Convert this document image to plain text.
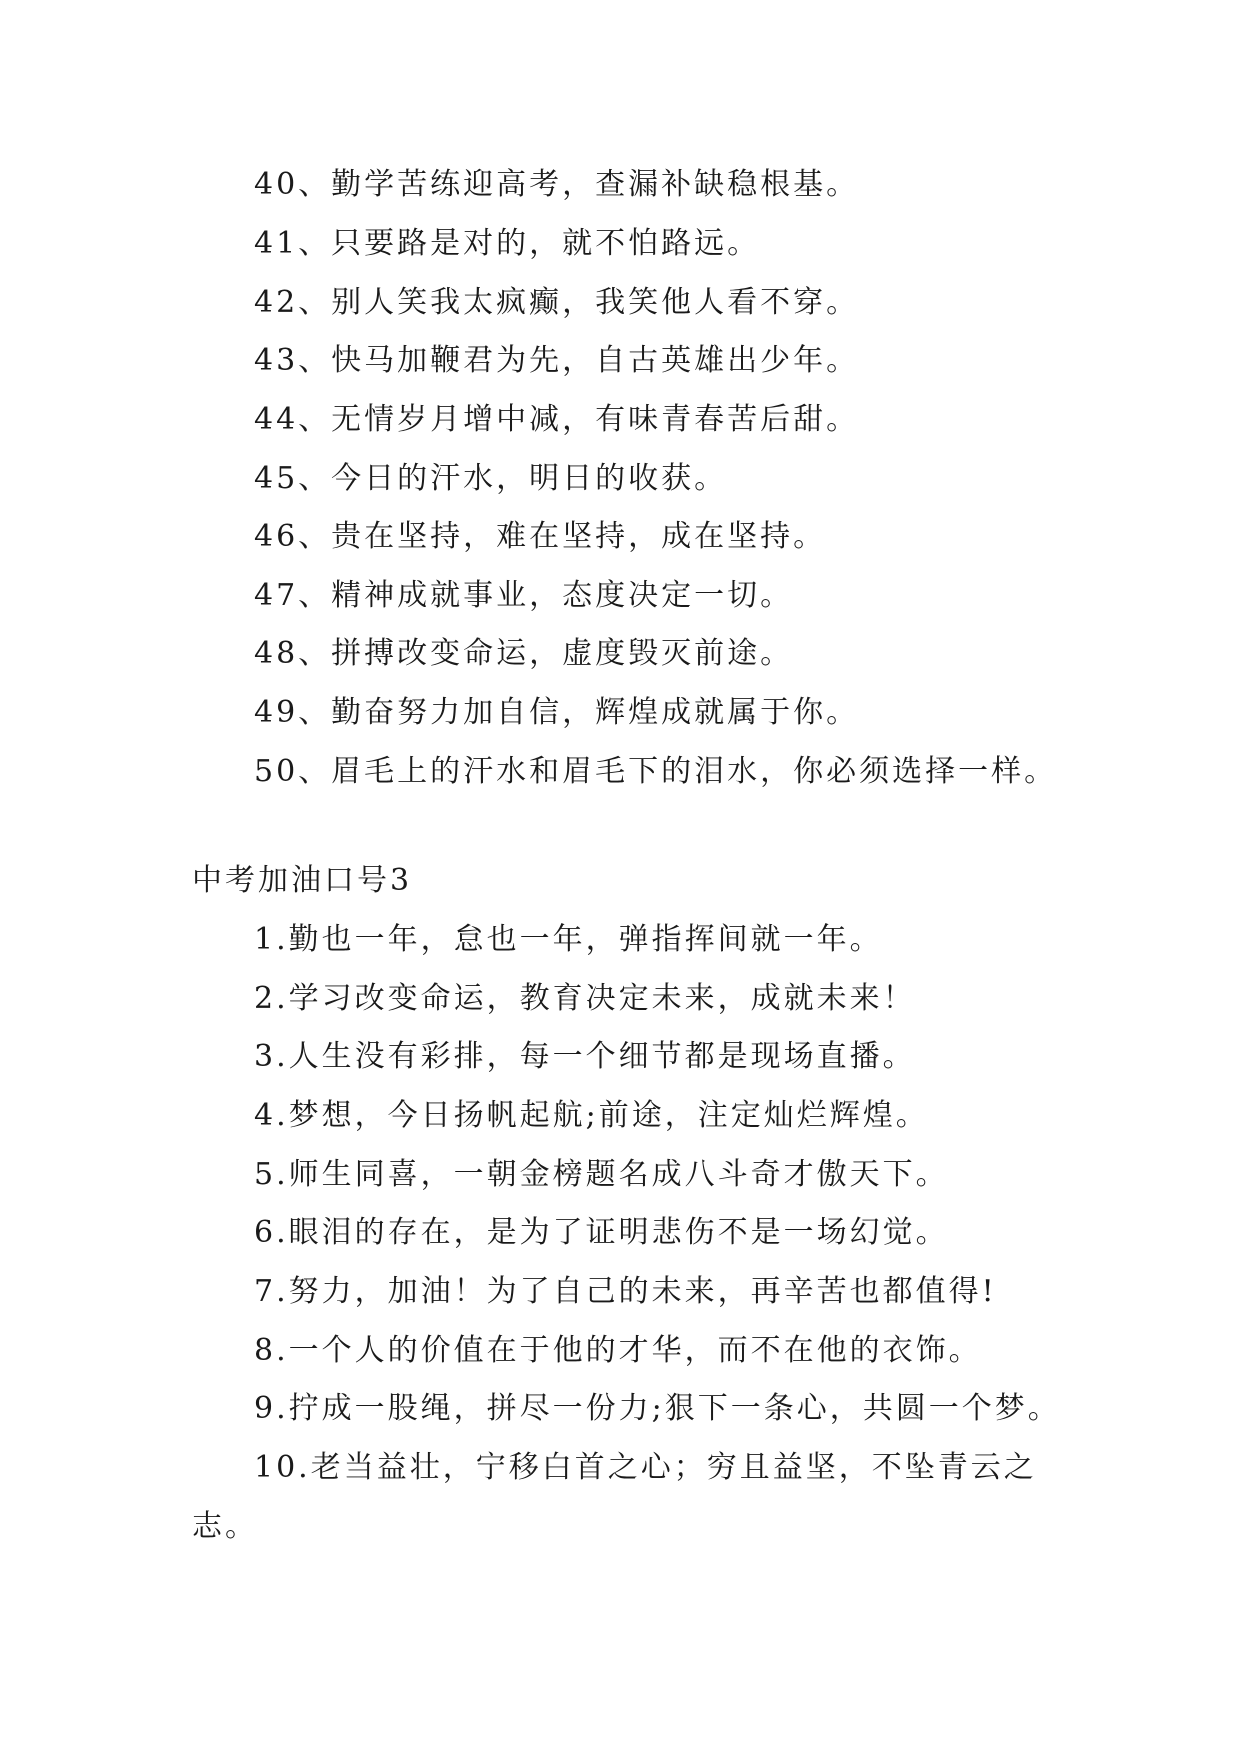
40、勤学苦练迎高考，查漏补缺稳根基。
41、只要路是对的，就不怕路远。
42、别人笑我太疯癫，我笑他人看不穿。
43、快马加鞭君为先，自古英雄出少年。
44、无情岁月增中减，有味青春苦后甜。
45、今日的汗水，明日的收获。
46、贵在坚持，难在坚持，成在坚持。
47、精神成就事业，态度决定一切。
48、拼搏改变命运，虚度毁灭前途。
49、勤奋努力加自信，辉煌成就属于你。
50、眉毛上的汗水和眉毛下的泪水，你必须选择一样。
中考加油口号3
1.勤也一年，怠也一年，弹指挥间就一年。
2.学习改变命运，教育决定未来，成就未来！
3.人生没有彩排，每一个细节都是现场直播。
4.梦想，今日扬帆起航;前途，注定灿烂辉煌。
5.师生同喜，一朝金榜题名成八斗奇才傲天下。
6.眼泪的存在，是为了证明悲伤不是一场幻觉。
7.努力，加油！为了自己的未来，再辛苦也都值得!
8.一个人的价值在于他的才华，而不在他的衣饰。
9.拧成一股绳，拼尽一份力;狠下一条心，共圆一个梦。
10.老当益壮，宁移白首之心；穷且益坚，不坠青云之
志。
